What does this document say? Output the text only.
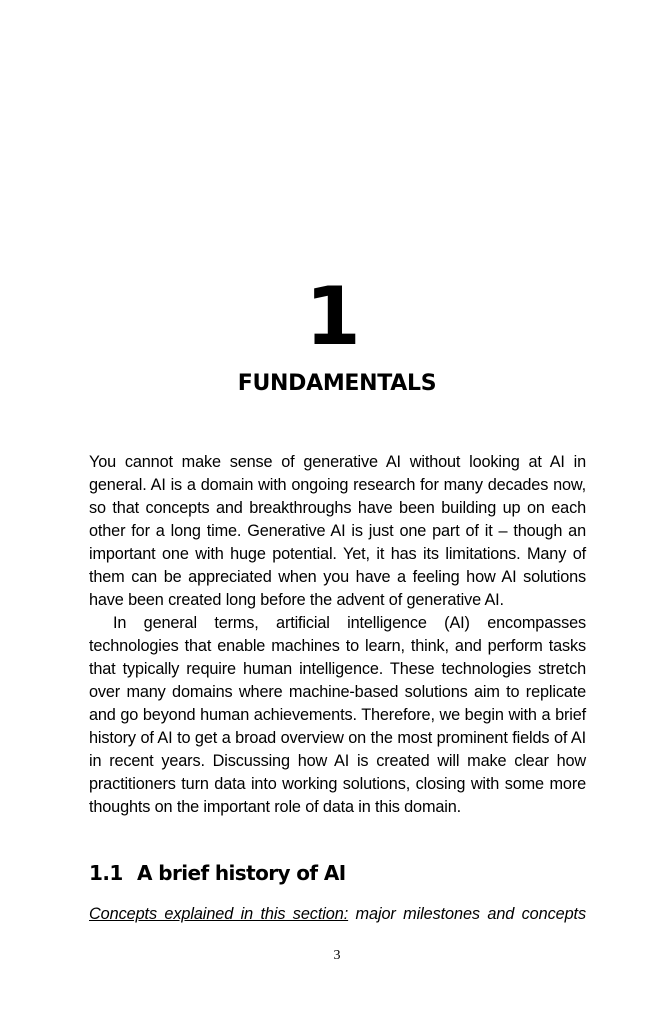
1
FUNDAMENTALS

You cannot make sense of generative AI without looking at AI in general. AI is a domain with ongoing research for many decades now, so that concepts and breakthroughs have been building up on each other for a long time. Generative AI is just one part of it – though an important one with huge potential. Yet, it has its limitations. Many of them can be appreciated when you have a feeling how AI solutions have been created long before the advent of generative AI.

In general terms, artificial intelligence (AI) encompasses technologies that enable machines to learn, think, and perform tasks that typically require human intelligence. These technologies stretch over many domains where machine-based solutions aim to replicate and go beyond human achievements. Therefore, we begin with a brief history of AI to get a broad overview on the most prominent fields of AI in recent years. Discussing how AI is created will make clear how practitioners turn data into working solutions, closing with some more thoughts on the important role of data in this domain.

1.1 A brief history of AI
Concepts explained in this section: major milestones and concepts
3
